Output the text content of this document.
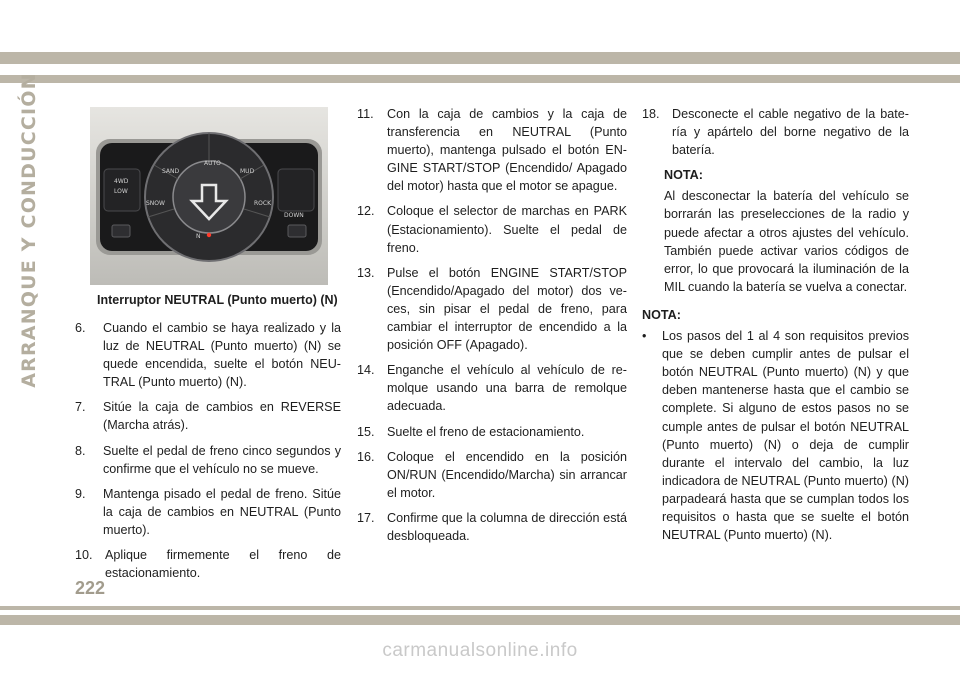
ARRANQUE Y CONDUCCIÓN	AUTO
SAND	MUD
SNOW	ROCK
4WD
LOW
DOWN
N
Interruptor NEUTRAL (Punto muerto) (N)
6.	Cuando el cambio se haya realizado y la luz de NEUTRAL (Punto muerto) (N) se quede encendida, suelte el botón NEUTRAL (Punto muerto) (N).
7.	Sitúe la caja de cambios en REVERSE (Marcha atrás).
8.	Suelte el pedal de freno cinco segundos y confirme que el vehículo no se mueve.
9.	Mantenga pisado el pedal de freno. Sitúe la caja de cambios en NEUTRAL (Punto muerto).
10. Aplique firmemente el freno de estacionamiento.
11.	Con la caja de cambios y la caja de transferencia en NEUTRAL (Punto muerto), mantenga pulsado el botón ENGINE START/STOP (Encendido/ Apagado del motor) hasta que el motor se apague.
12. Coloque el selector de marchas en PARK (Estacionamiento). Suelte el pedal de freno.
13. Pulse el botón ENGINE START/STOP (Encendido/Apagado del motor) dos veces, sin pisar el pedal de freno, para cambiar el interruptor de encendido a la posición OFF (Apagado).
14. Enganche el vehículo al vehículo de remolque usando una barra de remolque adecuada.
15. Suelte el freno de estacionamiento.
16. Coloque el encendido en la posición ON/RUN (Encendido/Marcha) sin arrancar el motor.
17. Confirme que la columna de dirección está desbloqueada.
18. Desconecte el cable negativo de la batería y apártelo del borne negativo de la batería.
NOTA:
Al desconectar la batería del vehículo se borrarán las preselecciones de la radio y puede afectar a otros ajustes del vehículo. También puede activar varios códigos de error, lo que provocará la iluminación de la MIL cuando la batería se vuelva a conectar.
NOTA:
•	Los pasos del 1 al 4 son requisitos previos que se deben cumplir antes de pulsar el botón NEUTRAL (Punto muerto) (N) y que deben mantenerse hasta que el cambio se complete. Si alguno de estos pasos no se cumple antes de pulsar el botón NEUTRAL (Punto muerto) (N) o deja de cumplir durante el intervalo del cambio, la luz indicadora de NEUTRAL (Punto muerto) (N) parpadeará hasta que se cumplan todos los requisitos o hasta que se suelte el botón NEUTRAL (Punto muerto) (N).
222
carmanualsonline.info
